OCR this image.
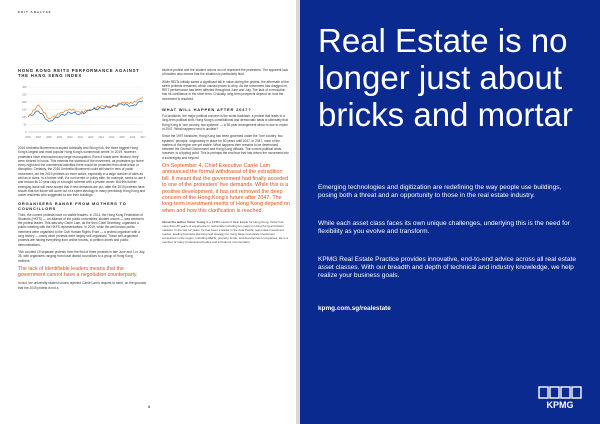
EDIT ANALYSE
HONG KONG REITS PERFORMANCE AGAINST THE HANG SENG INDEX
300
250
200
150
100
50
0
2006 2007 2008 2009 2010 2011 2012 2013 2014 2015 2016 2017
2016 Umbrella Movement occupied Admiralty and Wong Kok, the three biggest Hong Kong's largest and most popular Hong Kong's commercial centre. In 2019, however, protesters have encroached any large reoccupation. Even if roads were blocked, they were cleared in hours. This extends the stamina of the movement, as protesters go home every night and the commercial activities there would be protected from obstruction or disruption. Certainly, the 2016 Umbrella Movement could still start in tens of youth movement, but the 2019 protests so more active, especially in a large number of sites as well as in sizes. In a further shift, if a root centre or policy elite, for example, seeks to use it and reduce its 10 year rally of a bought scheme with a private owner. But this further emerging issue will most accept that if new demands are put, after the 2019 protests have shown that the future will come out of a spent ideology in many previously Hong Kong and under residents who suggested to see their buildings.
ORGANISERS RANGE FROM MOTHERS TO COUNCILLORS
Third, the current protests have no visible leaders. In 2014, the Hong Kong Federation of Students (HKFS) — an alliance of the public universities' student unions — was central to the protest leader. This was why Carrie Lam, as the then Chief Secretary, organised a public meeting with the HKFS representatives. In 2019, while the well known public members were organised to the Civil Human Rights Front — a protest organiser with a long history — many other protests were largely self-organised. These self-organised protests are having everything from online forums, to petition drives and public demonstrations.
"We counted 19 separate protests from the first of three protests in late June and 1 in July. 35, with organisers ranging from local district councillors to a group of Hong Kong mothers."
The lack of identifiable leaders means that the government cannot have a negotiation counterparty.
In fact, the university student unions rejected Carrie Lam's request to meet, on the grounds that the 2019 protest is not a
student protest and the student unions do not represent the protesters. The apparent lack of leaders also means that the situation is particularly fluid.
While REITs initially saved a significant fall in value during the protest, the aftermath of the street protests remained, which caused prices to drop. As the movement has dragged on, REIT performance has been affected throughout June and July. The lack of a resolution has hit confidence in the short term. Crucially, long-term prospects depend on how the movement is resolved.
WHAT WILL HAPPEN AFTER 2047?
For landlords, the major political concern is the worst backlash: a protest that leads to a long-term political shift. Hong Kong's constitutional and democratic basis is ultimately that Hong Kong is 'one country, two systems' — a 50-year arrangement which is due to expire in 2047. What happens next is unclear?
Since the 1997 handover, Hong Kong has been governed under the "one country, two systems" principle, supposedly in place for 50 years until 2047. In 2047, none of the matters of the region are yet visible. What happens then remains to be determined between the Central Government and Hong Kong officials. The current political crisis, however, is a tipping point. This is perhaps the real fear that has driven the movement into a sovereignty and beyond.
On September 4, Chief Executive Carrie Lam announced the formal withdrawal of the extradition bill. It meant that the government had finally acceded to one of the protesters' five demands. While this is a positive development, it has not removed the deep concern of the Hong Kong's future after 2047. The long-term investment merits of Hong Kong depend on when and how this clarification is reached.
About the author Victor Young is a KPMG Head of Real Estate for Hong Kong. Victor has more than 20 years of experience in real estate including ten years in Hong Kong and Asian markets. In the last 12 years, he has been a leader in the Asia Pacific real estate investment market, leading business planning and strategy for many large real estate investment companies in the region, including REITs, property funds, and development companies. He is a member of many professional bodies and a frequent commentator.
8
Real Estate is no longer just about bricks and mortar
Emerging technologies and digitization are redefining the way people use buildings, posing both a threat and an opportunity to those in the real estate industry.
While each asset class faces its own unique challenges, underlying this is the need for flexibility as you evolve and transform.
KPMG Real Estate Practice provides innovative, end-to-end advice across all real estate asset classes. With our breadth and depth of technical and industry knowledge, we help realize your business goals.
kpmg.com.sg/realestate
KPMG
